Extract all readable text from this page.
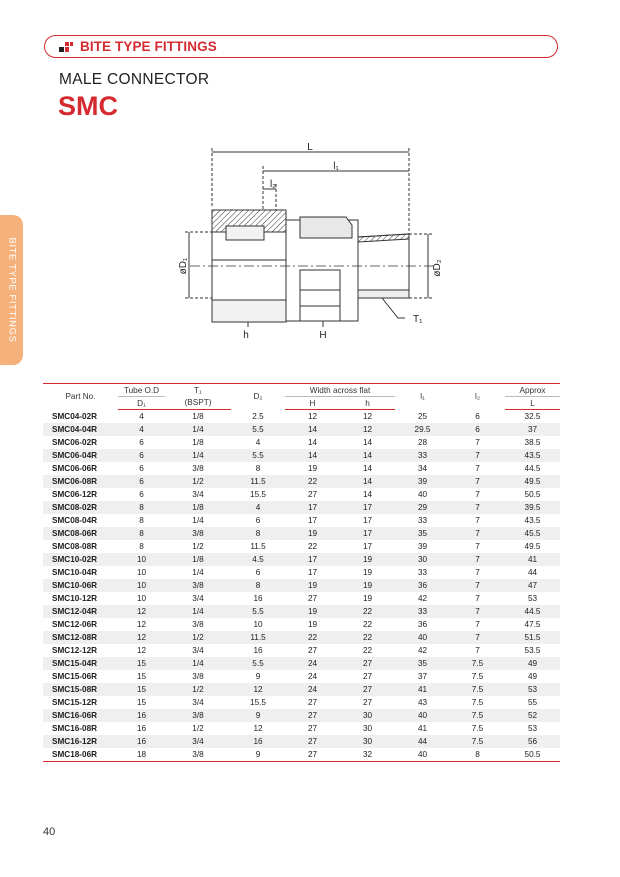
BITE TYPE FITTINGS
MALE CONNECTOR
SMC
BITE TYPE FITTINGS
L
l₁
l₂
øD₁	øD₂
h	H
T₁
Part No.	Tube O.D	T₁	D₂	Width across flat		l₁	l₂	Approx
	D₁	(BSPT)		H	h			L
SMC04-02R	4	1/8	2.5	12	12	25	6	32.5
SMC04-04R	4	1/4	5.5	14	12	29.5	6	37
SMC06-02R	6	1/8	4	14	14	28	7	38.5
SMC06-04R	6	1/4	5.5	14	14	33	7	43.5
SMC06-06R	6	3/8	8	19	14	34	7	44.5
SMC06-08R	6	1/2	11.5	22	14	39	7	49.5
SMC06-12R	6	3/4	15.5	27	14	40	7	50.5
SMC08-02R	8	1/8	4	17	17	29	7	39.5
SMC08-04R	8	1/4	6	17	17	33	7	43.5
SMC08-06R	8	3/8	8	19	17	35	7	45.5
SMC08-08R	8	1/2	11.5	22	17	39	7	49.5
SMC10-02R	10	1/8	4.5	17	19	30	7	41
SMC10-04R	10	1/4	6	17	19	33	7	44
SMC10-06R	10	3/8	8	19	19	36	7	47
SMC10-12R	10	3/4	16	27	19	42	7	53
SMC12-04R	12	1/4	5.5	19	22	33	7	44.5
SMC12-06R	12	3/8	10	19	22	36	7	47.5
SMC12-08R	12	1/2	11.5	22	22	40	7	51.5
SMC12-12R	12	3/4	16	27	22	42	7	53.5
SMC15-04R	15	1/4	5.5	24	27	35	7.5	49
SMC15-06R	15	3/8	9	24	27	37	7.5	49
SMC15-08R	15	1/2	12	24	27	41	7.5	53
SMC15-12R	15	3/4	15.5	27	27	43	7.5	55
SMC16-06R	16	3/8	9	27	30	40	7.5	52
SMC16-08R	16	1/2	12	27	30	41	7.5	53
SMC16-12R	16	3/4	16	27	30	44	7.5	56
SMC18-06R	18	3/8	9	27	32	40	8	50.5
40
